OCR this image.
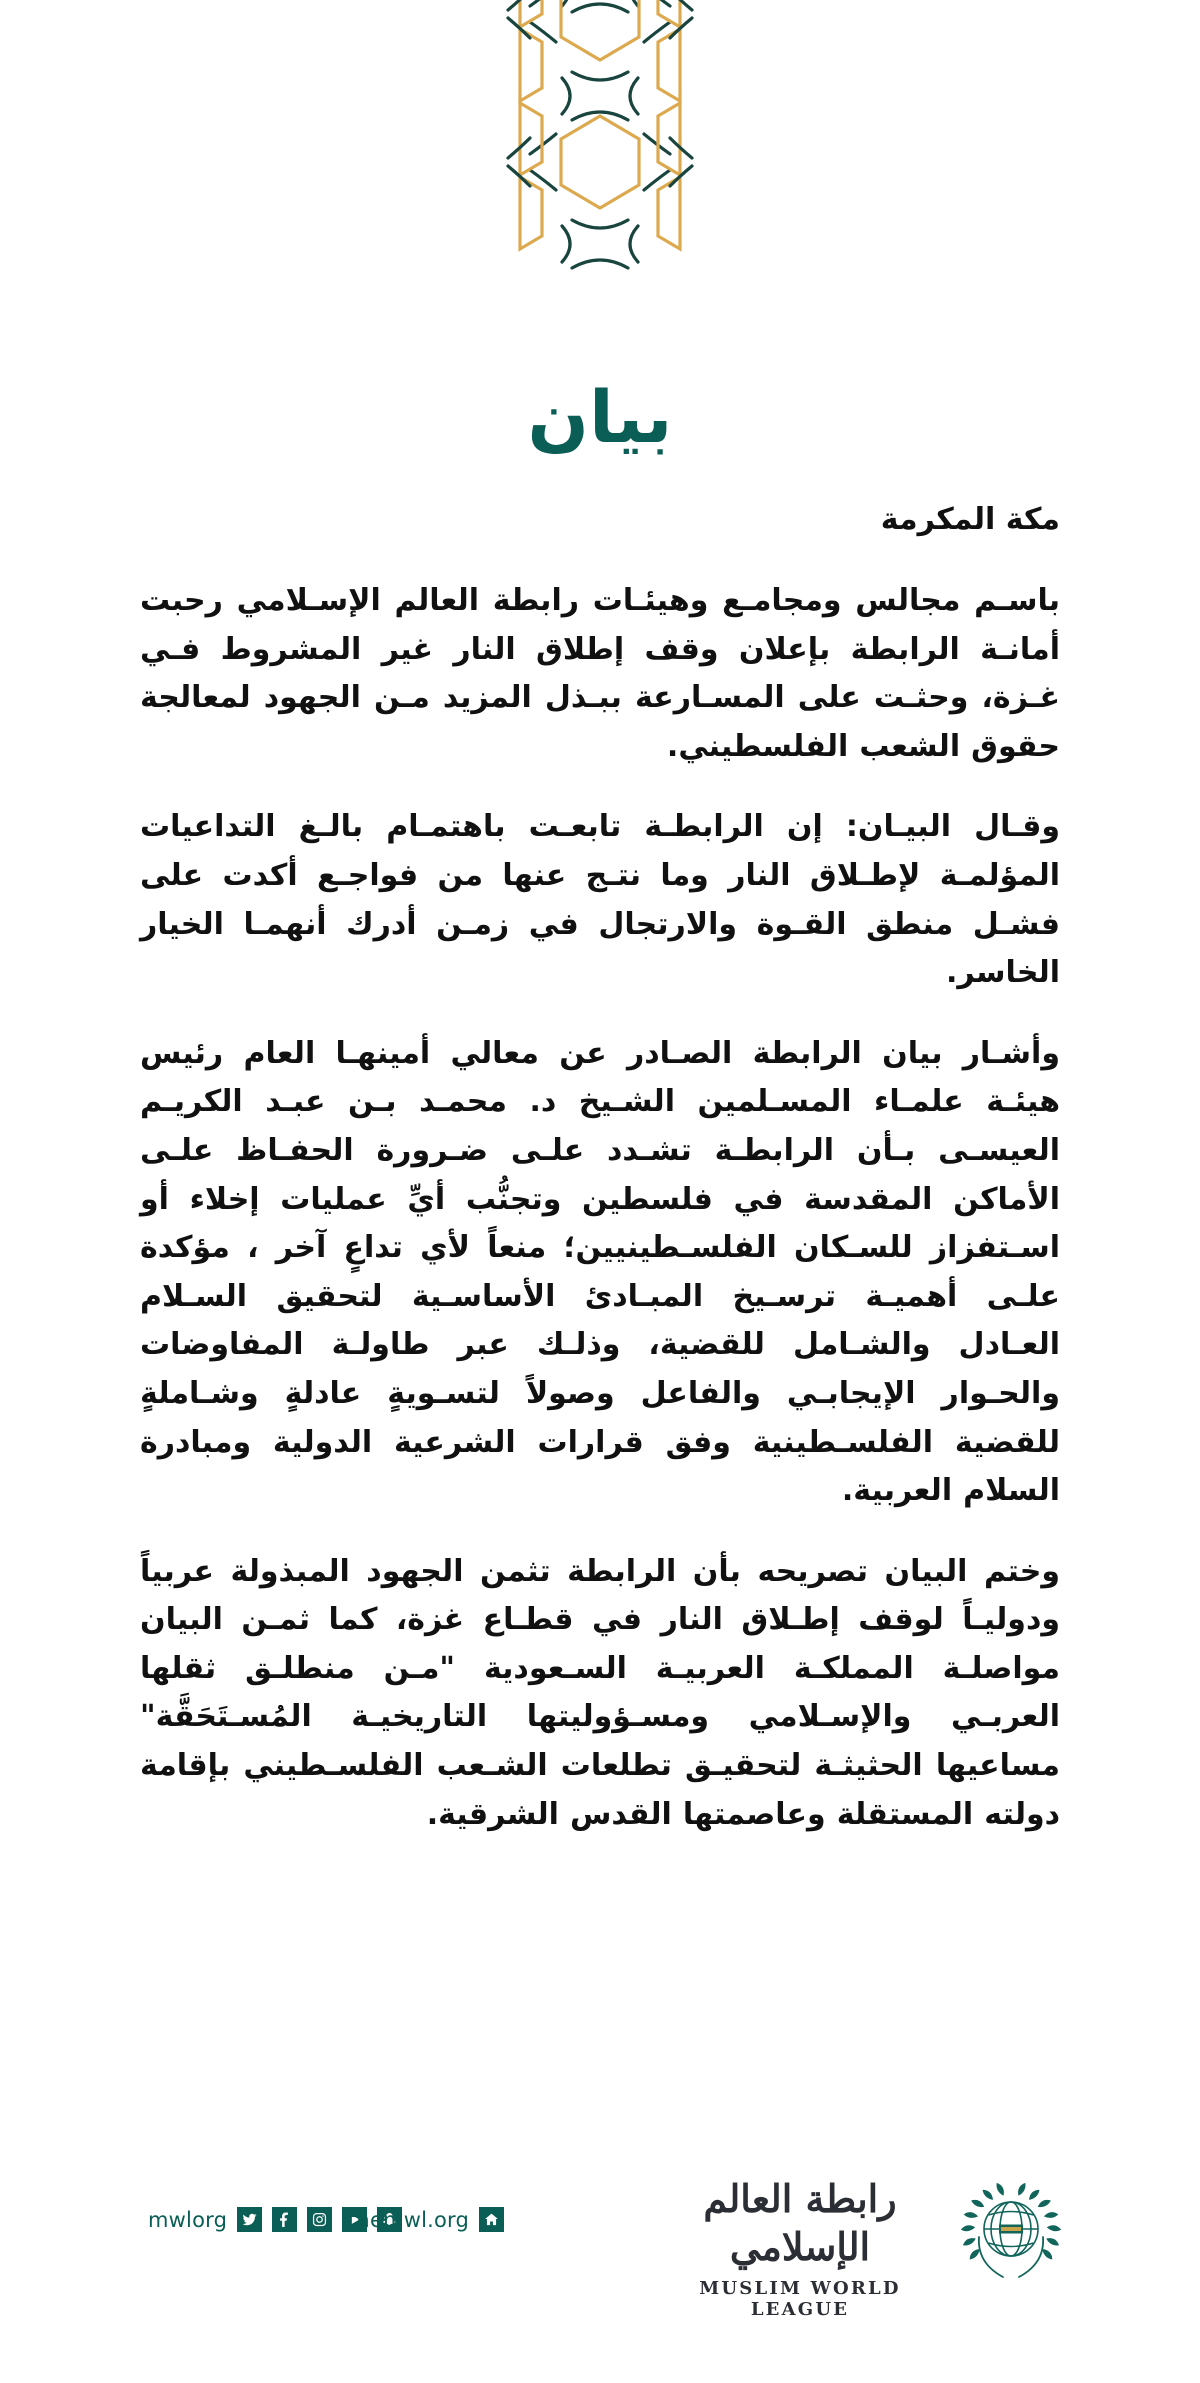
بيان

مكة المكرمة

باسـم مجالس ومجامـع وهيئـات رابطة العالم الإسـلامي رحبت أمانـة الرابطة بإعلان وقف إطلاق النار غير المشروط فـي غـزة، وحثـت على المسـارعة ببـذل المزيد مـن الجهود لمعالجة حقوق الشعب الفلسطيني.

وقـال البيـان: إن الرابطـة تابعـت باهتمـام بالـغ التداعيات المؤلمـة لإطـلاق النار وما نتـج عنها من فواجـع أكدت على فشـل منطق القـوة والارتجال في زمـن أدرك أنهمـا الخيار الخاسر.

وأشـار بيان الرابطة الصـادر عن معالي أمينهـا العام رئيس هيئـة علمـاء المسـلمين الشـيخ د. محمـد بـن عبـد الكريـم العيسـى بـأن الرابطـة تشـدد علـى ضـرورة الحفـاظ علـى الأماكن المقدسة في فلسطين وتجنُّب أيِّ عمليات إخلاء أو اسـتفزاز للسـكان الفلسـطينيين؛ منعاً لأي تداعٍ آخر ، مؤكدة علـى أهميـة ترسـيخ المبـادئ الأساسـية لتحقيق السـلام العـادل والشـامل للقضية، وذلـك عبر طاولـة المفاوضات والحـوار الإيجابـي والفاعل وصولاً لتسـويةٍ عادلةٍ وشـاملةٍ للقضية الفلسـطينية وفق قرارات الشرعية الدولية ومبادرة السلام العربية.

وختم البيان تصريحه بأن الرابطة تثمن الجهود المبذولة عربياً ودوليـاً لوقف إطـلاق النار في قطـاع غزة، كما ثمـن البيان مواصلـة المملكـة العربيـة السـعودية "مـن منطلـق ثقلها العربـي والإسـلامي ومسـؤوليتها التاريخيـة المُسـتَحَقَّة" مساعيها الحثيثـة لتحقيـق تطلعات الشـعب الفلسـطيني بإقامة دولته المستقلة وعاصمتها القدس الشرقية.

mwlorg	themwl.org	رابطة العالم الإسلامي
MUSLIM WORLD LEAGUE
